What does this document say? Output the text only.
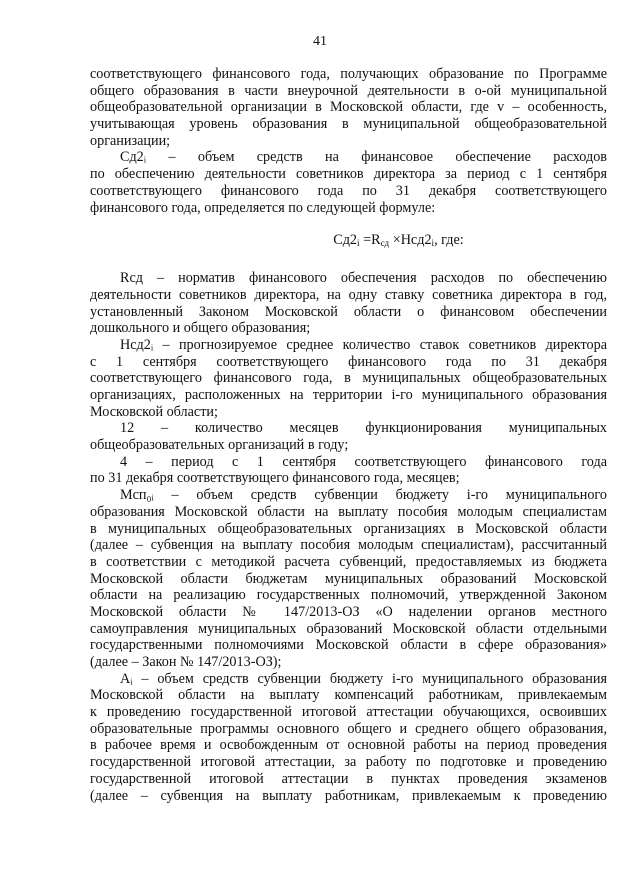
41
соответствующего финансового года, получающих образование по Программе
общего образования в части внеурочной деятельности в о-ой муниципальной
общеобразовательной организации в Московской области, где v – особенность,
учитывающая уровень образования в муниципальной общеобразовательной
организации;
Сд2ᵢ – объем средств на финансовое обеспечение расходов
по обеспечению деятельности советников директора за период с 1 сентября
соответствующего финансового года по 31 декабря соответствующего
финансового года, определяется по следующей формуле:
$Сд2_i =R_{сд} \times Нсд2_i$, где:
Rсд – норматив финансового обеспечения расходов по обеспечению
деятельности советников директора, на одну ставку советника директора в год,
установленный Законом Московской области о финансовом обеспечении
дошкольного и общего образования;
Нсд2ᵢ – прогнозируемое среднее количество ставок советников директора
с 1 сентября соответствующего финансового года по 31 декабря
соответствующего финансового года, в муниципальных общеобразовательных
организациях, расположенных на территории i-го муниципального образования
Московской области;
12 – количество месяцев функционирования муниципальных
общеобразовательных организаций в году;
4 – период с 1 сентября соответствующего финансового года
по 31 декабря соответствующего финансового года, месяцев;
Мсп₀ᵢ – объем средств субвенции бюджету i-го муниципального
образования Московской области на выплату пособия молодым специалистам
в муниципальных общеобразовательных организациях в Московской области
(далее – субвенция на выплату пособия молодым специалистам), рассчитанный
в соответствии с методикой расчета субвенций, предоставляемых из бюджета
Московской области бюджетам муниципальных образований Московской
области на реализацию государственных полномочий, утвержденной Законом
Московской области № 147/2013-ОЗ «О наделении органов местного
самоуправления муниципальных образований Московской области отдельными
государственными полномочиями Московской области в сфере образования»
(далее – Закон № 147/2013-ОЗ);
Аᵢ – объем средств субвенции бюджету i-го муниципального образования
Московской области на выплату компенсаций работникам, привлекаемым
к проведению государственной итоговой аттестации обучающихся, освоивших
образовательные программы основного общего и среднего общего образования,
в рабочее время и освобожденным от основной работы на период проведения
государственной итоговой аттестации, за работу по подготовке и проведению
государственной итоговой аттестации в пунктах проведения экзаменов
(далее – субвенция на выплату работникам, привлекаемым к проведению
